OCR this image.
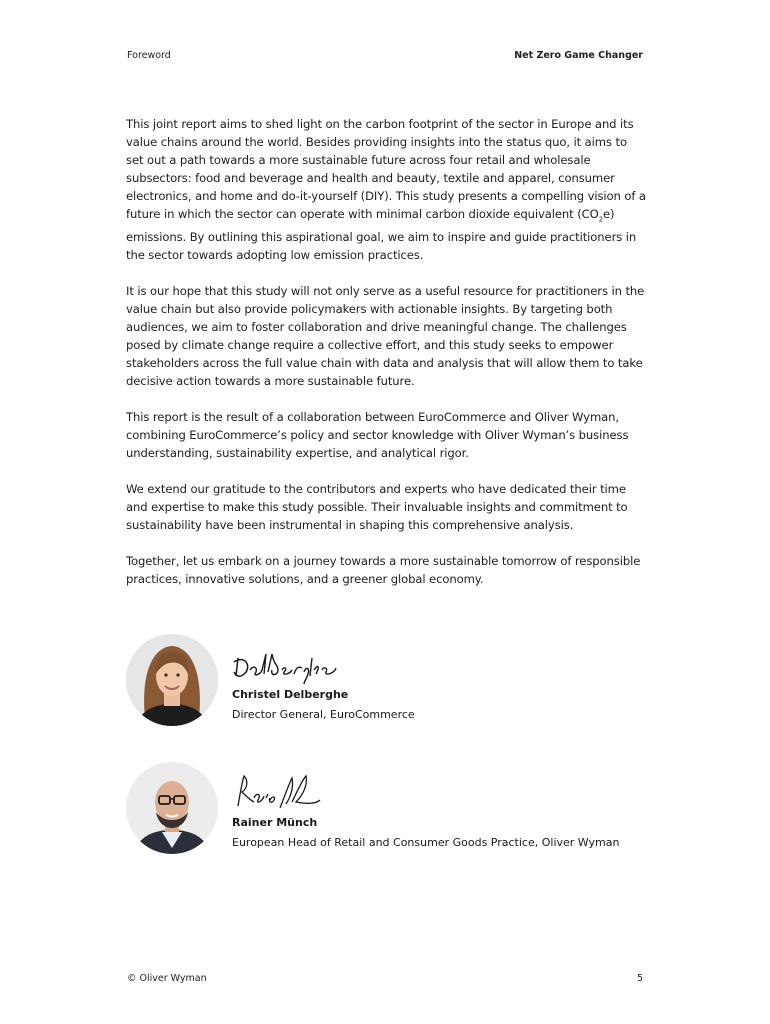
Foreword	Net Zero Game Changer

This joint report aims to shed light on the carbon footprint of the sector in Europe and its value chains around the world. Besides providing insights into the status quo, it aims to set out a path towards a more sustainable future across four retail and wholesale subsectors: food and beverage and health and beauty, textile and apparel, consumer electronics, and home and do-it-yourself (DIY). This study presents a compelling vision of a future in which the sector can operate with minimal carbon dioxide equivalent $(CO_2e)$ emissions. By outlining this aspirational goal, we aim to inspire and guide practitioners in the sector towards adopting low emission practices.

It is our hope that this study will not only serve as a useful resource for practitioners in the value chain but also provide policymakers with actionable insights. By targeting both audiences, we aim to foster collaboration and drive meaningful change. The challenges posed by climate change require a collective effort, and this study seeks to empower stakeholders across the full value chain with data and analysis that will allow them to take decisive action towards a more sustainable future.

This report is the result of a collaboration between EuroCommerce and Oliver Wyman, combining EuroCommerce’s policy and sector knowledge with Oliver Wyman’s business understanding, sustainability expertise, and analytical rigor.

We extend our gratitude to the contributors and experts who have dedicated their time and expertise to make this study possible. Their invaluable insights and commitment to sustainability have been instrumental in shaping this comprehensive analysis.

Together, let us embark on a journey towards a more sustainable tomorrow of responsible practices, innovative solutions, and a greener global economy.

Christel Delberghe
Director General, EuroCommerce
Rainer Münch
European Head of Retail and Consumer Goods Practice, Oliver Wyman
© Oliver Wyman	5
